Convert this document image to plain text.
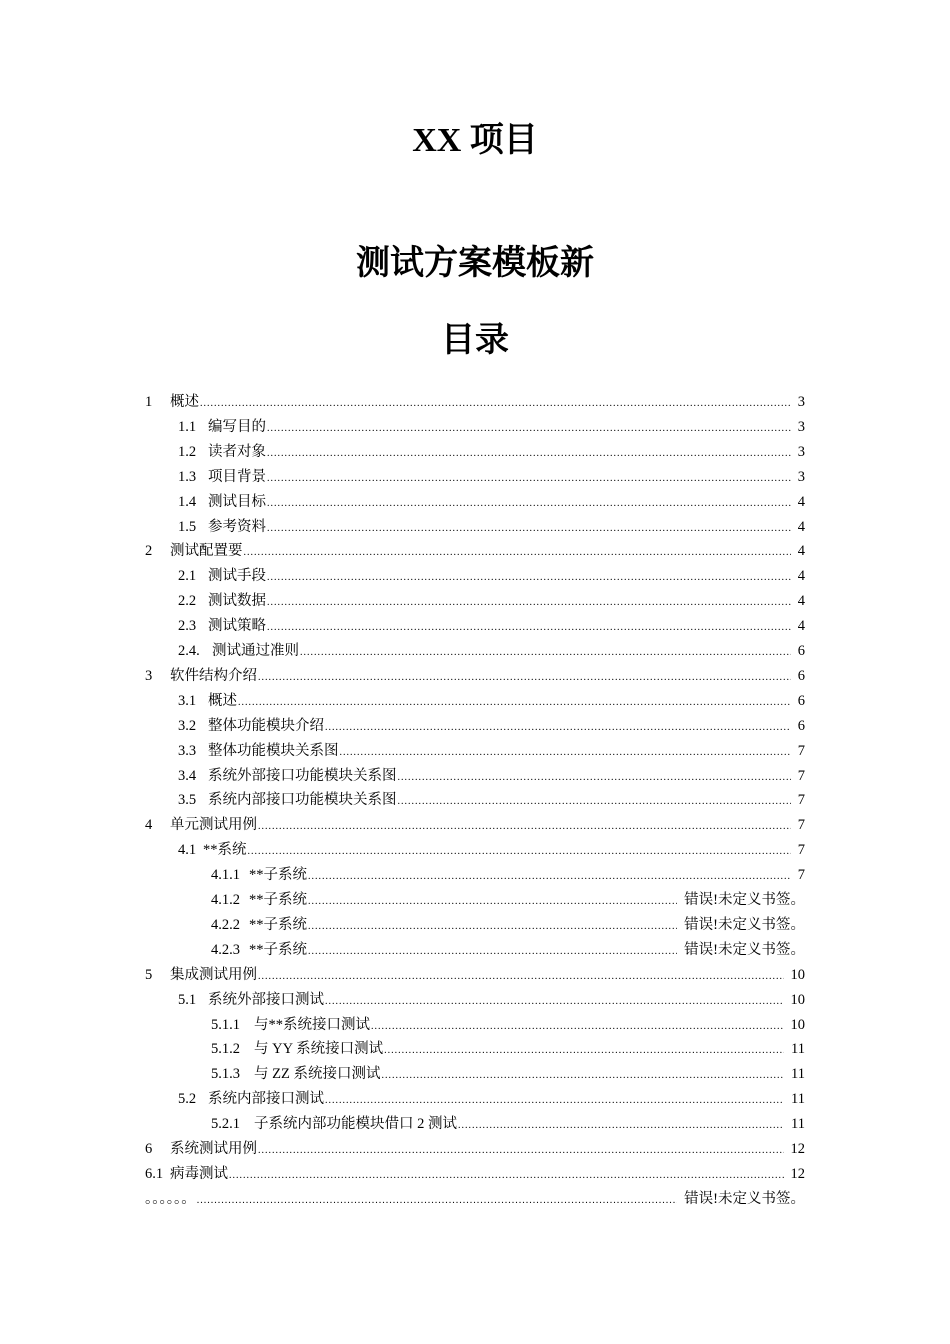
XX 项目
测试方案模板新
目录
1	概述 .....	3
1.1 编写目的 .....	3
1.2 读者对象 .....	3
1.3 项目背景 .....	3
1.4 测试目标 .....	4
1.5 参考资料 .....	4
2	测试配置要 .....	4
2.1 测试手段 .....	4
2.2 测试数据 .....	4
2.3 测试策略 .....	4
2.4. 测试通过准则 .....	6
3	软件结构介绍 .....	6
3.1 概述 .....	6
3.2 整体功能模块介绍 .....	6
3.3 整体功能模块关系图 .....	7
3.4 系统外部接口功能模块关系图 .....	7
3.5 系统内部接口功能模块关系图 .....	7
4	单元测试用例 .....	7
4.1 **系统 .....	7
4.1.1 **子系统 .....	7
4.1.2 **子系统 .....	错误!未定义书签。
4.2.2 **子系统 .....	错误!未定义书签。
4.2.3 **子系统 .....	错误!未定义书签。
5	集成测试用例 .....	10
5.1 系统外部接口测试 .....	10
5.1.1 与**系统接口测试 .....	10
5.1.2 与 YY 系统接口测试 .....	11
5.1.3 与 ZZ 系统接口测试 .....	11
5.2 系统内部接口测试 .....	11
5.2.1 子系统内部功能模块借口 2 测试 .....	11
6	系统测试用例 .....	12
6.1 病毒测试 .....	12
。。。。。。 .....	错误!未定义书签。
